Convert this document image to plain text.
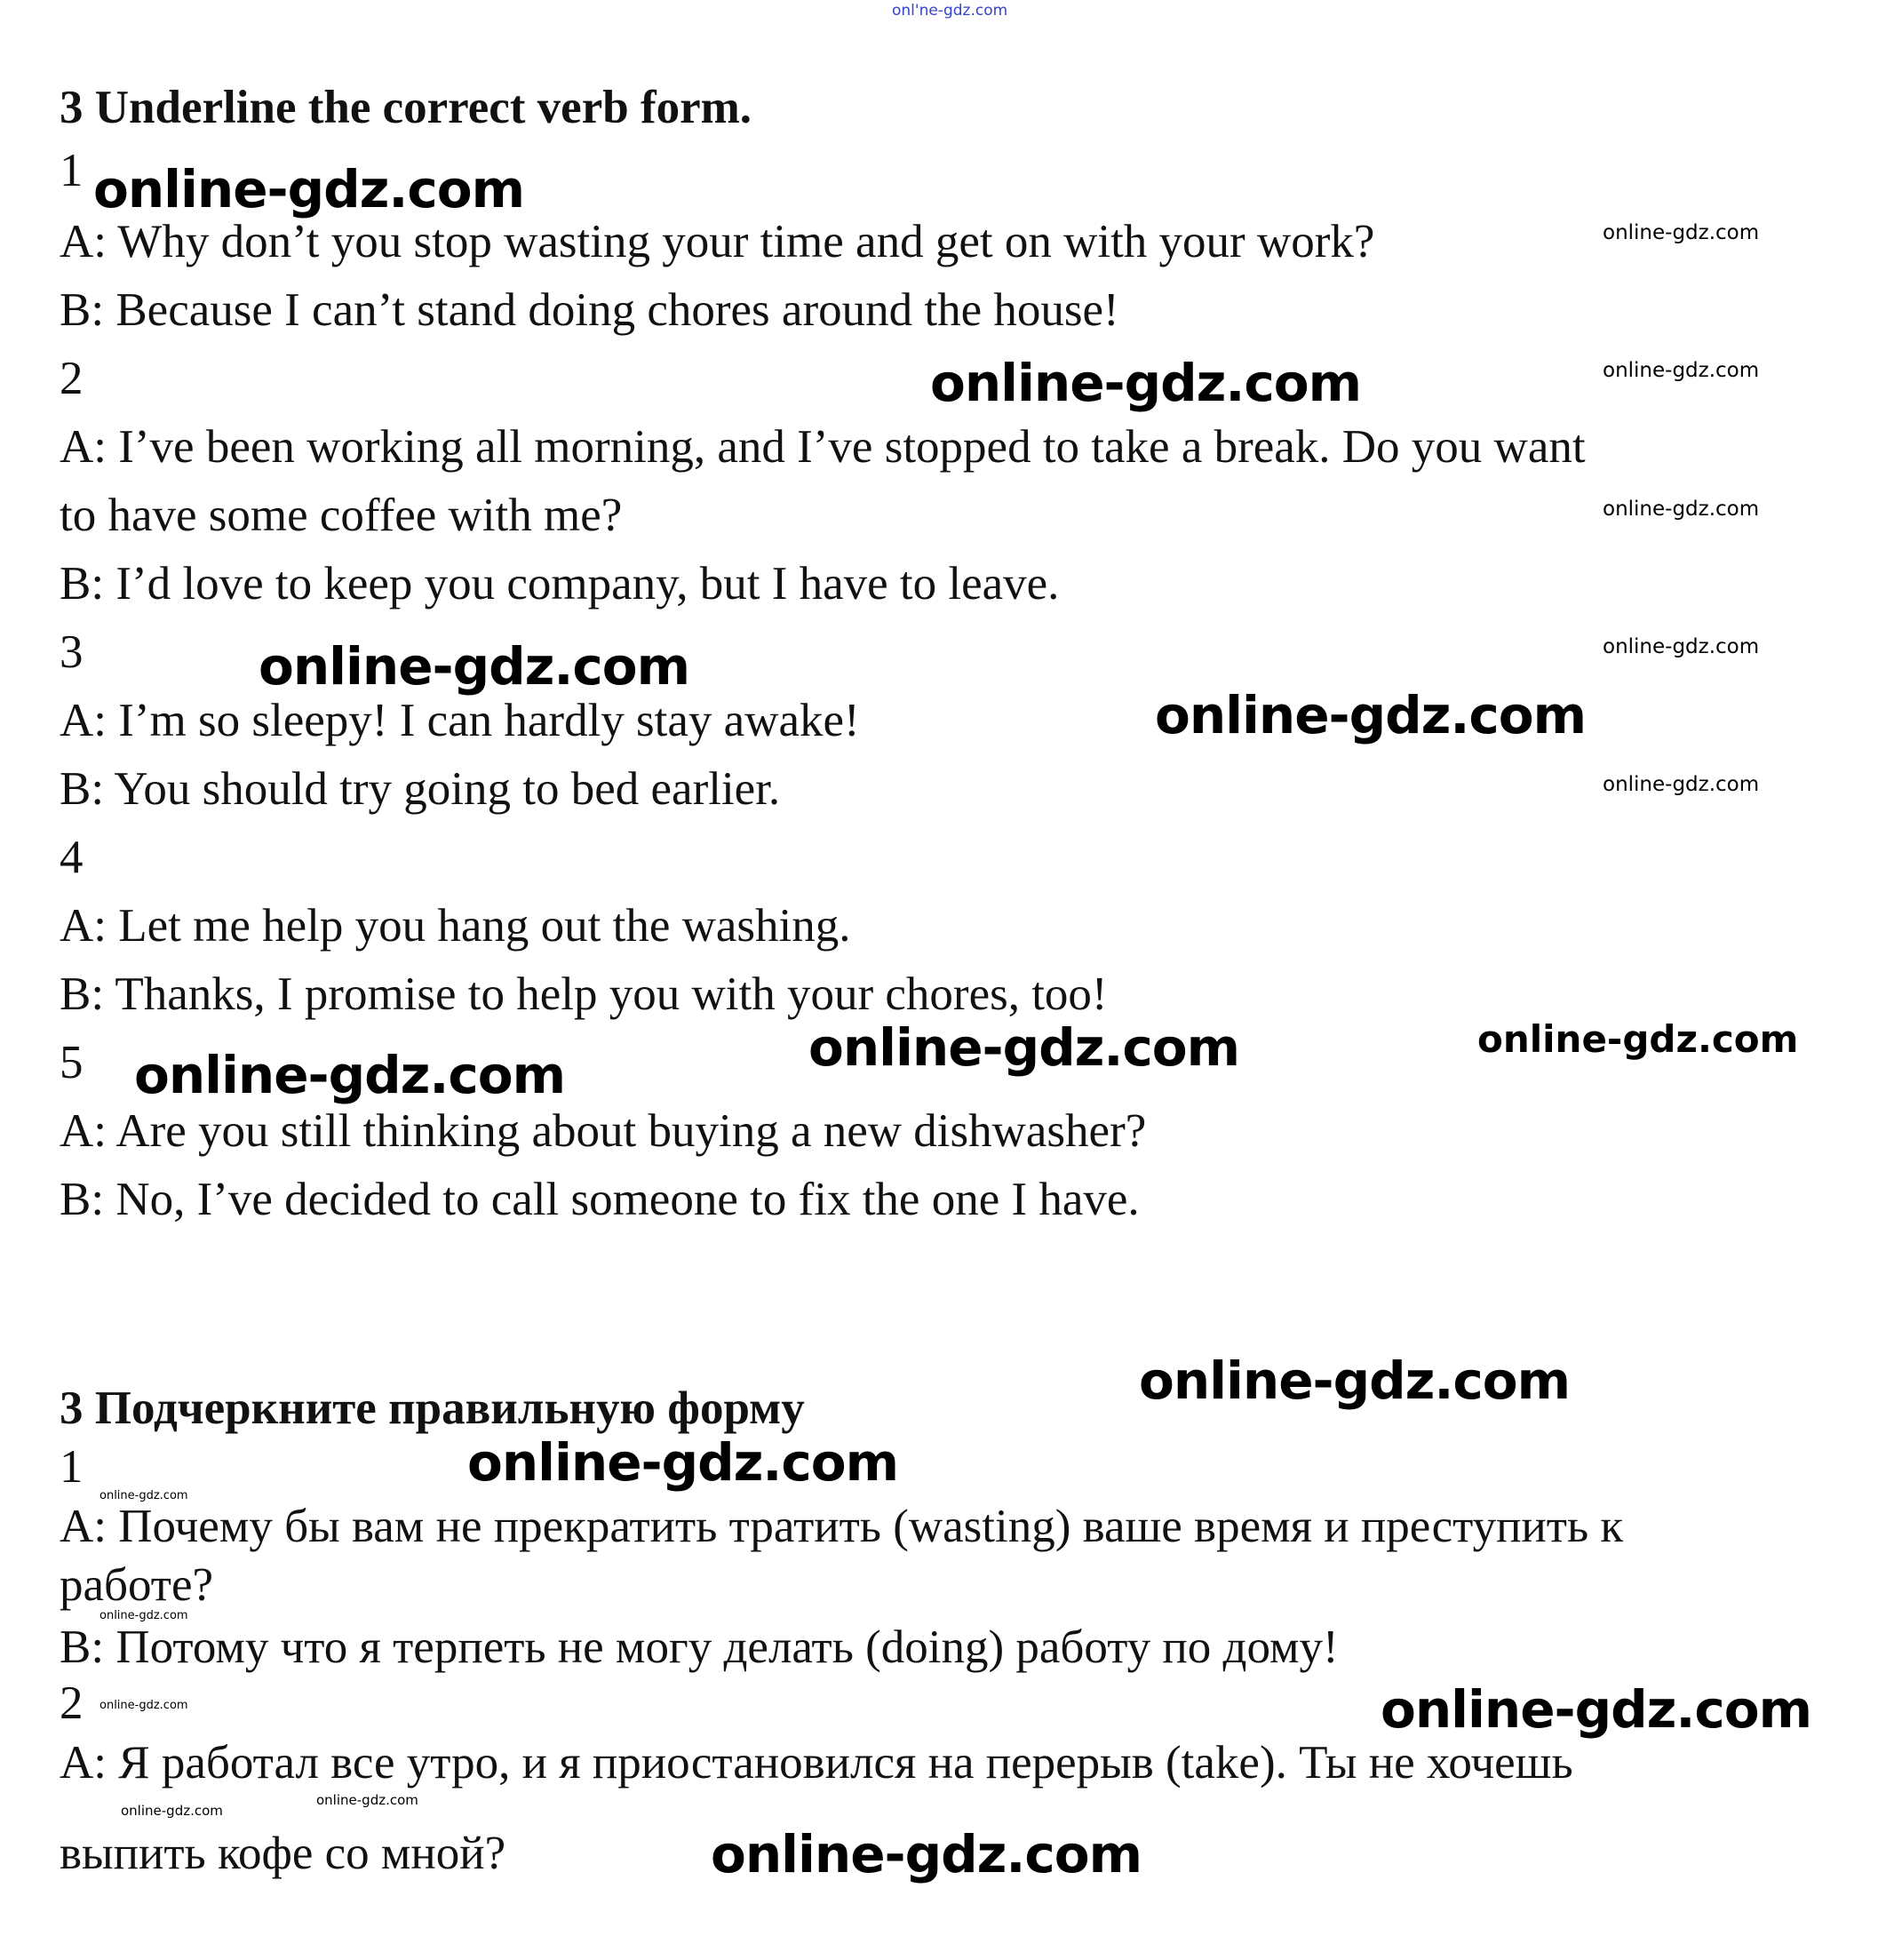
onl'ne-gdz.com
3 Underline the correct verb form.
1
A: Why don’t you stop wasting your time and get on with your work?
B: Because I can’t stand doing chores around the house!
2
A: I’ve been working all morning, and I’ve stopped to take a break. Do you want
to have some coffee with me?
B: I’d love to keep you company, but I have to leave.
3
A: I’m so sleepy! I can hardly stay awake!
B: You should try going to bed earlier.
4
A: Let me help you hang out the washing.
B: Thanks, I promise to help you with your chores, too!
5
A: Are you still thinking about buying a new dishwasher?
B: No, I’ve decided to call someone to fix the one I have.
3 Подчеркните правильную форму
1
A: Почему бы вам не прекратить тратить (wasting) ваше время и преступить к
работе?
B: Потому что я терпеть не могу делать (doing) работу по дому!
2
A: Я работал все утро, и я приостановился на перерыв (take). Ты не хочешь
выпить кофе со мной?
online-gdz.com
online-gdz.com
online-gdz.com
online-gdz.com
online-gdz.com
online-gdz.com
online-gdz.com
online-gdz.com
online-gdz.com
online-gdz.com
online-gdz.com
online-gdz.com
online-gdz.com
online-gdz.com
online-gdz.com
online-gdz.com
online-gdz.com
online-gdz.com
online-gdz.com
online-gdz.com
online-gdz.com
